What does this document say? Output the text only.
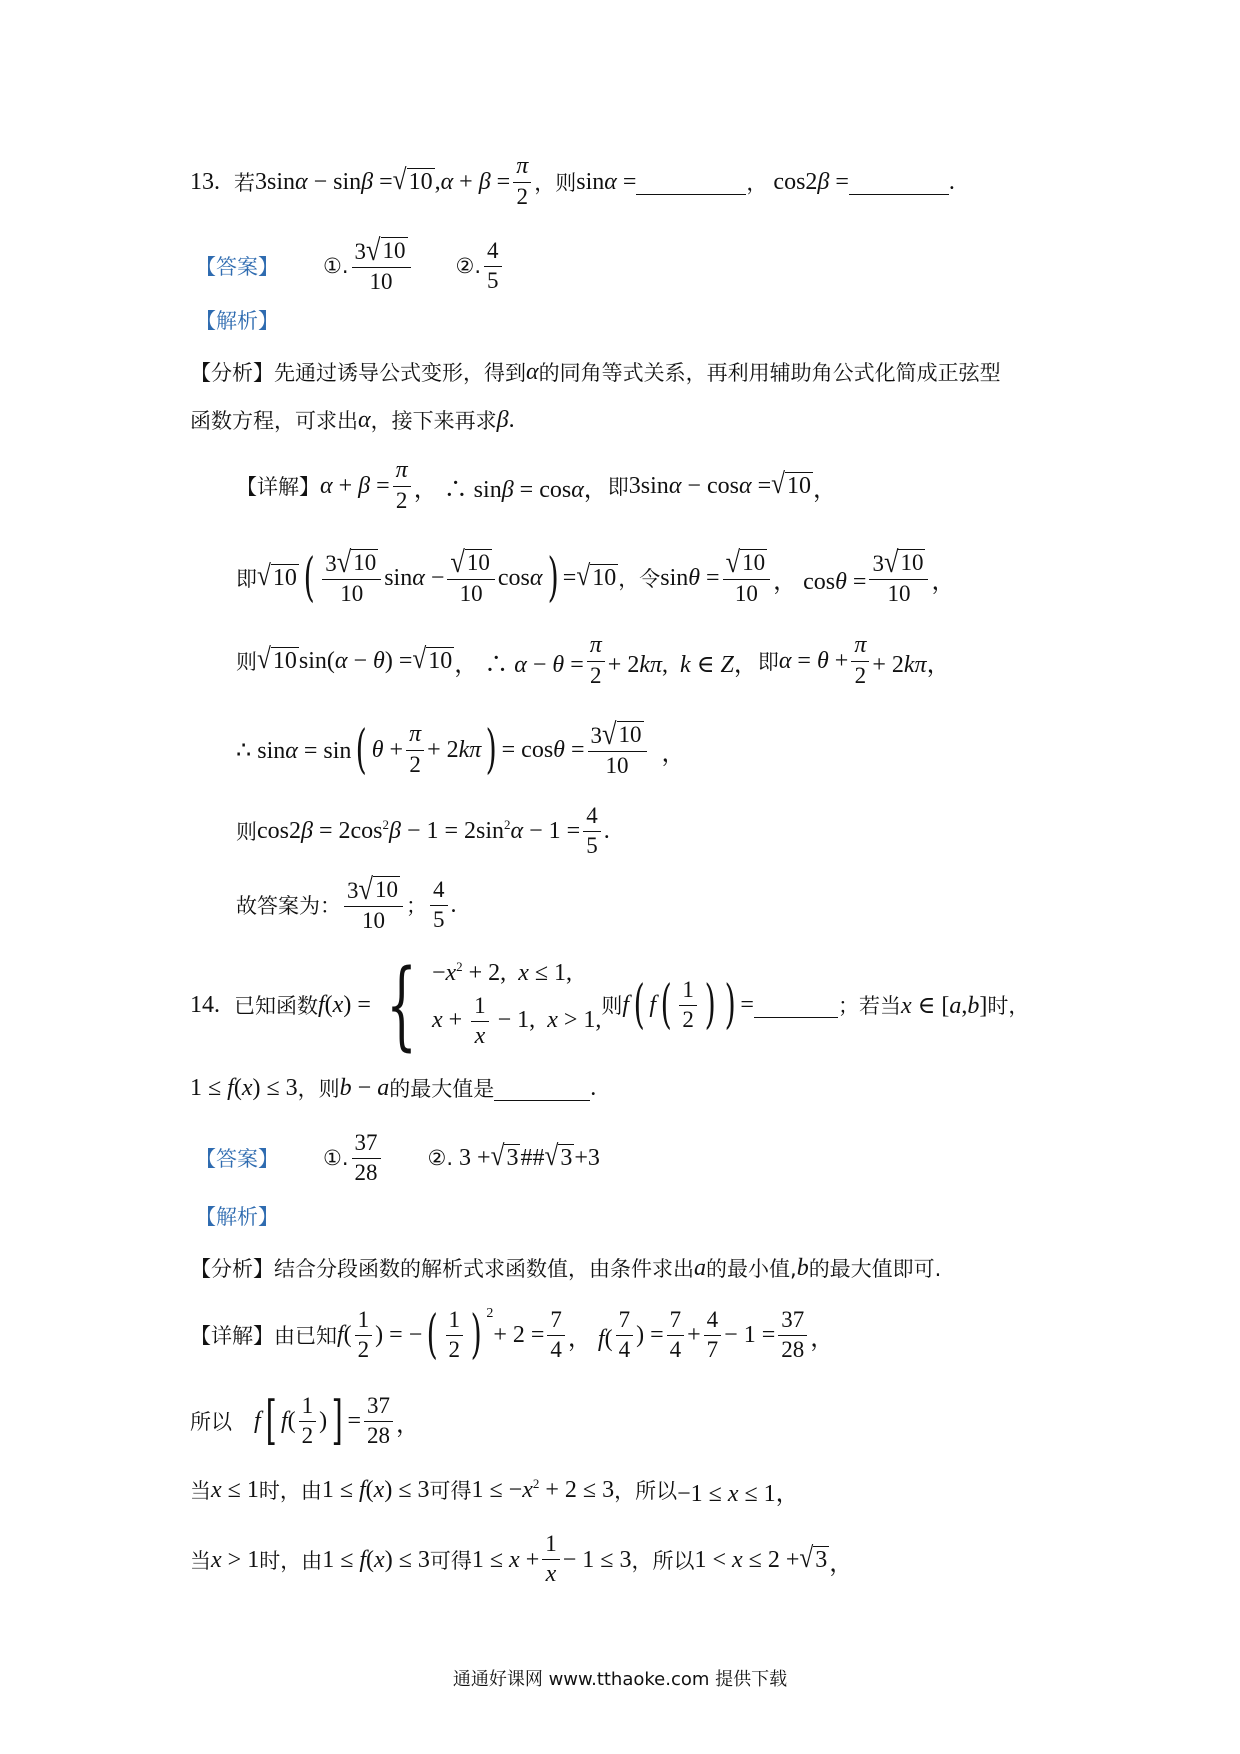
13. 若 3sinα − sinβ = √ 10 $,\alpha + \beta = \frac{\pi}{2}$ ， 则 sinα =	， cos2β =	.
【答案】 ①. $\frac{3 √ 10}{10}$ ②. $\frac{4}{5}$
【解析】
【分析】 先通过诱导公式变形，得到 α 的同角等式关系，再利用辅助角公式化简成正弦型
函数方程，可求出 α ，接下来再求 β .
【详解】 $\alpha + \beta = \frac{\pi}{2}$ ， ∴ sinβ = cosα， 即 3sinα − cosα = √ 10 ，
即 √ 10 ( $\frac{3 √ 10}{10}$ $\sin\alpha - \frac{√ 10}{10}$ cosα ) = √ 10 ，令 $\sin\theta = \frac{√ 10}{10}$ ， $\cos\theta = \frac{3 √ 10}{10}$ ，
则 √ 10 sin(α − θ) = √ 10 ， ∴ $\alpha - \theta = \frac{\pi}{2} + 2k\pi$,  k ∈ Z， 即 $\alpha = \theta + \frac{\pi}{2} + 2k\pi$，
∴ sinα = sin ( $\theta + \frac{\pi}{2} + 2k\pi$ ) = $\cos\theta = \frac{3 √ 10}{10}$ ，
则 $\cos 2\beta = 2\cos^2\beta - 1 = 2\sin^2\alpha - 1 = \frac{4}{5}$ .
故答案为： $\frac{3 √ 10}{10}$ ； $\frac{4}{5}$ .
14. 已知函数 f(x) = { $-x^2 + 2$,  x ≤ 1,
$x + \frac{1}{x} - 1$,  x > 1,
则 f ( f ( $\frac{1}{2}$ ) ) =	；若当 x ∈ [a,b] 时，
1 ≤ f(x) ≤ 3 ，则 b − a 的最大值是	.
【答案】 ①. $\frac{37}{28}$ ②. 3 + √ 3 ## √ 3 +3
【解析】
【分析】 结合分段函数的解析式求函数值，由条件求出 a 的最小值, b 的最大值即可.
【详解】 由已知 $f( \frac{1}{2}$ ) = − ( $\frac{1}{2}$ ) $^2$
+ $2 = \frac{7}{4}$ ， $f( \frac{7}{4}$ ) = $\frac{7}{4} + \frac{4}{7} - 1 = \frac{37}{28}$ ，
所以 f [ $f( \frac{1}{2}$ ) ] = $\frac{37}{28}$ ，
当 x ≤ 1 时，由 1 ≤ f(x) ≤ 3 可得 $1 \le -x^2 + 2 \le 3$ ，所以 −1 ≤ x ≤ 1，
当 x > 1 时，由 1 ≤ f(x) ≤ 3 可得 $1 \le x + \frac{1}{x} - 1 \le 3$ ，所以 1 < x ≤ 2 + √ 3 ，
通通好课网 www.tthaoke.com 提供下载
